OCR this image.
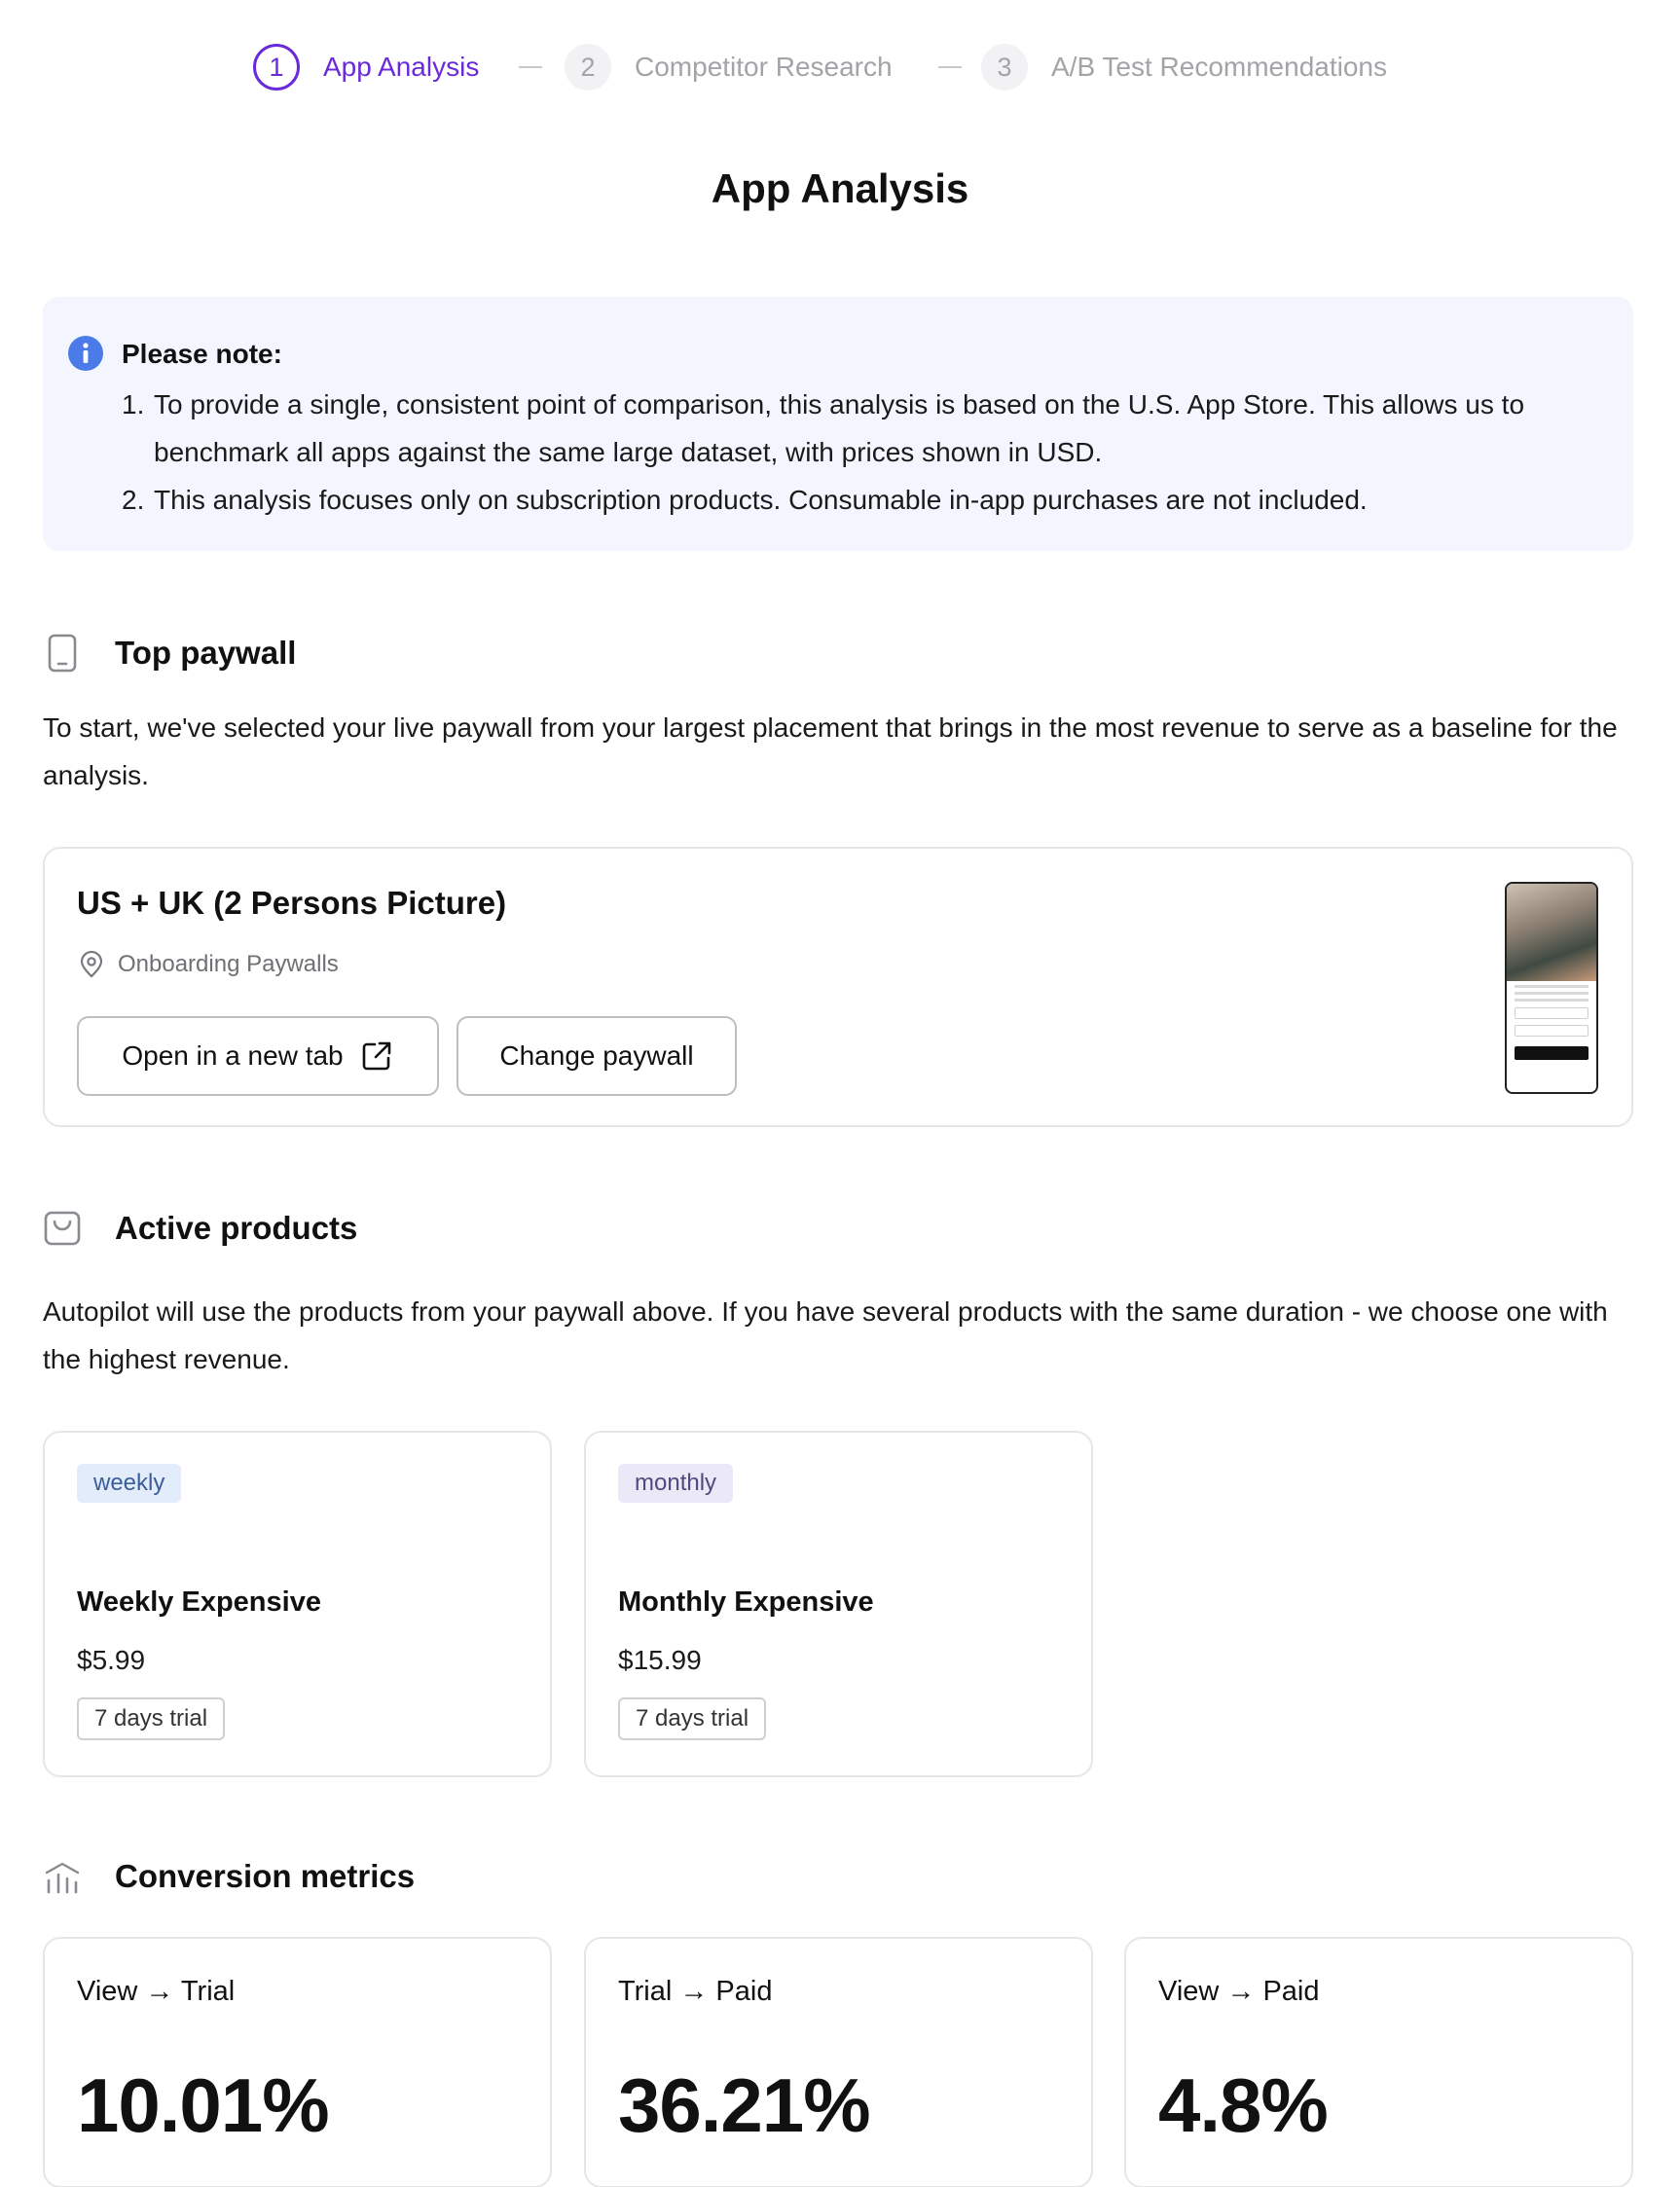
1	App Analysis	2	Competitor Research	3	A/B Test Recommendations
App Analysis
Please note:
1. To provide a single, consistent point of comparison, this analysis is based on the U.S. App Store. This allows us to benchmark all apps against the same large dataset, with prices shown in USD.
2. This analysis focuses only on subscription products. Consumable in-app purchases are not included.
Top paywall

To start, we've selected your live paywall from your largest placement that brings in the most revenue to serve as a baseline for the analysis.

US + UK (2 Persons Picture)
Onboarding Paywalls
Open in a new tab	Change paywall
Active products

Autopilot will use the products from your paywall above. If you have several products with the same duration - we choose one with the highest revenue.

weekly
Weekly Expensive
$5.99
7 days trial
monthly
Monthly Expensive
$15.99
7 days trial
Conversion metrics
View → Trial
10.01%
Trial → Paid
36.21%
View → Paid
4.8%
